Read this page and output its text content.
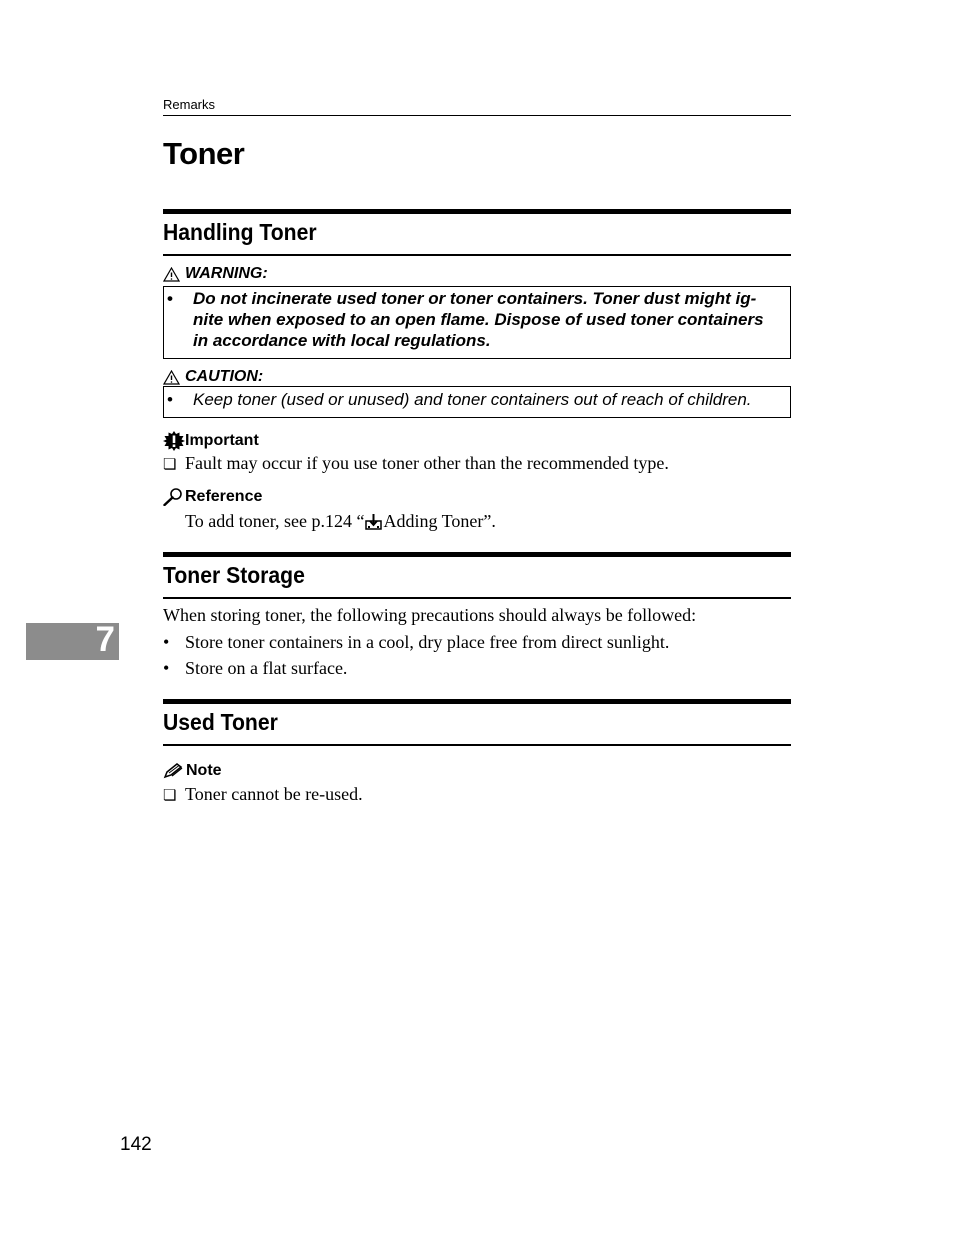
Remarks
Toner
Handling Toner
WARNING:
•	Do not incinerate used toner or toner containers. Toner dust might ig-
nite when exposed to an open flame. Dispose of used toner containers
in accordance with local regulations.
CAUTION:
•	Keep toner (used or unused) and toner containers out of reach of children.
Important
❏ Fault may occur if you use toner other than the recommended type.
Reference
To add toner, see p.124 “ Adding Toner”.
Toner Storage
When storing toner, the following precautions should always be followed:
• Store toner containers in a cool, dry place free from direct sunlight.
• Store on a flat surface.
7
Used Toner
Note
❏ Toner cannot be re-used.
142
